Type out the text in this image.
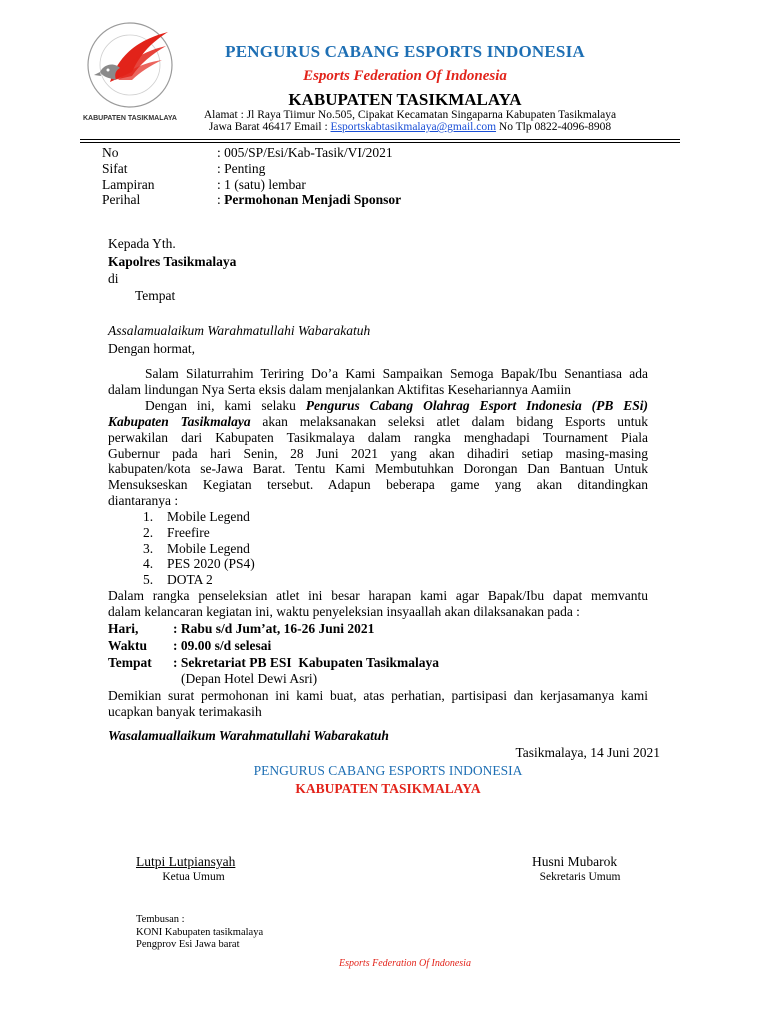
KABUPATEN TASIKMALAYA
PENGURUS CABANG ESPORTS INDONESIA
Esports Federation Of Indonesia
KABUPATEN TASIKMALAYA
Alamat : Jl Raya Tiimur No.505, Cipakat Kecamatan Singaparna Kabupaten Tasikmalaya
Jawa Barat 46417 Email : Esportskabtasikmalaya@gmail.com No Tlp 0822-4096-8908
No	: 005/SP/Esi/Kab-Tasik/VI/2021
Sifat	: Penting
Lampiran	: 1 (satu) lembar
Perihal	: Permohonan Menjadi Sponsor
Kepada Yth.
Kapolres Tasikmalaya
di
Tempat
Assalamualaikum Warahmatullahi Wabarakatuh
Dengan hormat,
Salam Silaturrahim Teriring Do’a Kami Sampaikan Semoga Bapak/Ibu Senantiasa ada
dalam lindungan Nya Serta eksis dalam menjalankan Aktifitas Kesehariannya Aamiin
Dengan ini, kami selaku Pengurus Cabang Olahrag Esport Indonesia (PB ESi)
Kabupaten Tasikmalaya akan melaksanakan seleksi atlet dalam bidang Esports untuk
perwakilan dari Kabupaten Tasikmalaya dalam rangka menghadapi Tournament Piala
Gubernur pada hari Senin, 28 Juni 2021 yang akan dihadiri setiap masing-masing
kabupaten/kota se-Jawa Barat. Tentu Kami Membutuhkan Dorongan Dan Bantuan Untuk
Mensukseskan Kegiatan tersebut. Adapun beberapa game yang akan ditandingkan
diantaranya :
1. Mobile Legend
2. Freefire
3. Mobile Legend
4. PES 2020 (PS4)
5. DOTA 2
Dalam rangka penseleksian atlet ini besar harapan kami agar Bapak/Ibu dapat memvantu
dalam kelancaran kegiatan ini, waktu penyeleksian insyaallah akan dilaksanakan pada :
Hari,	: Rabu s/d Jum’at, 16-26 Juni 2021
Waktu : 09.00 s/d selesai
Tempat : Sekretariat PB ESI  Kabupaten Tasikmalaya
(Depan Hotel Dewi Asri)
Demikian surat permohonan ini kami buat, atas perhatian, partisipasi dan kerjasamanya kami
ucapkan banyak terimakasih
Wasalamuallaikum Warahmatullahi Wabarakatuh
Tasikmalaya, 14 Juni 2021
PENGURUS CABANG ESPORTS INDONESIA
KABUPATEN TASIKMALAYA
Lutpi Lutpiansyah
Ketua Umum
Husni Mubarok
Sekretaris Umum
Tembusan :
KONI Kabupaten tasikmalaya
Pengprov Esi Jawa barat
Esports Federation Of Indonesia
